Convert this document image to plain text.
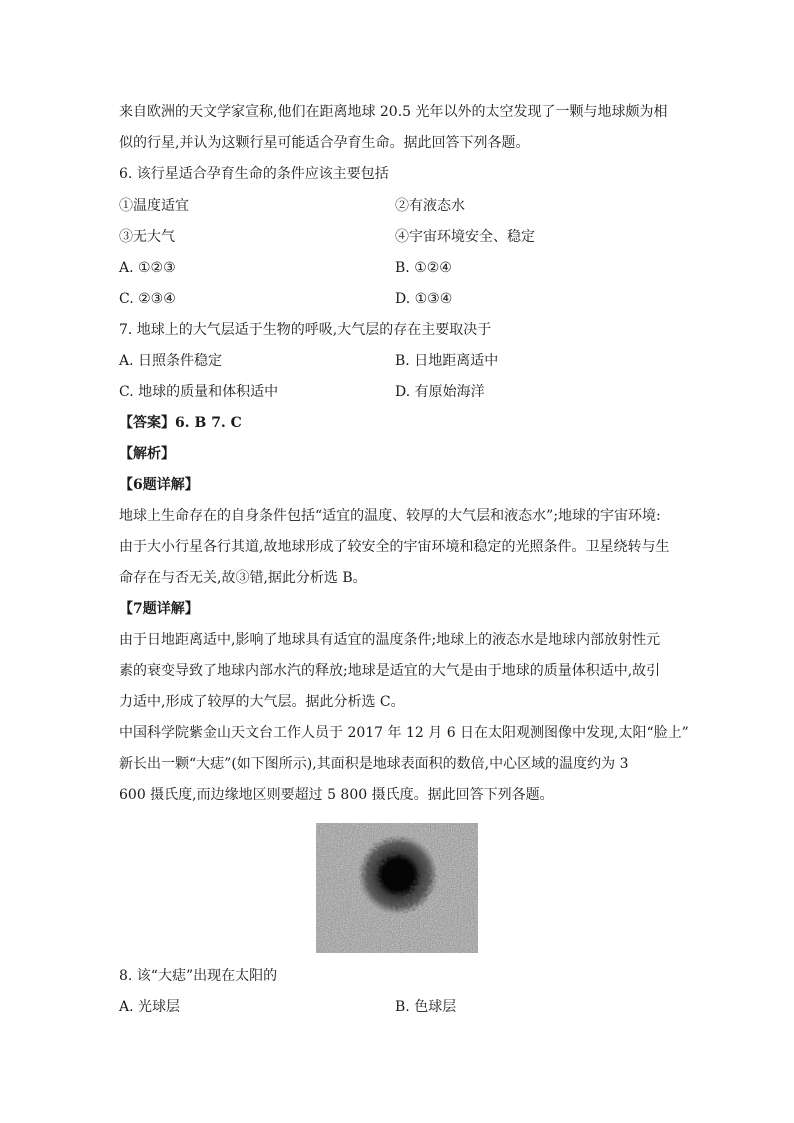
来自欧洲的天文学家宣称,他们在距离地球 20.5 光年以外的太空发现了一颗与地球颇为相
似的行星,并认为这颗行星可能适合孕育生命。据此回答下列各题。
6. 该行星适合孕育生命的条件应该主要包括
①温度适宜	②有液态水
③无大气	④宇宙环境安全、稳定
A. ①②③	B. ①②④
C. ②③④	D. ①③④
7. 地球上的大气层适于生物的呼吸,大气层的存在主要取决于
A. 日照条件稳定	B. 日地距离适中
C. 地球的质量和体积适中	D. 有原始海洋
【答案】6. B 7. C
【解析】
【6题详解】
地球上生命存在的自身条件包括“适宜的温度、较厚的大气层和液态水”;地球的宇宙环境:
由于大小行星各行其道,故地球形成了较安全的宇宙环境和稳定的光照条件。卫星绕转与生
命存在与否无关,故③错,据此分析选 B。
【7题详解】
由于日地距离适中,影响了地球具有适宜的温度条件;地球上的液态水是地球内部放射性元
素的衰变导致了地球内部水汽的释放;地球是适宜的大气是由于地球的质量体积适中,故引
力适中,形成了较厚的大气层。据此分析选 C。
中国科学院紫金山天文台工作人员于 2017 年 12 月 6 日在太阳观测图像中发现,太阳“脸上”
新长出一颗“大痣”(如下图所示),其面积是地球表面积的数倍,中心区域的温度约为 3
600 摄氏度,而边缘地区则要超过 5 800 摄氏度。据此回答下列各题。
8. 该“大痣”出现在太阳的
A. 光球层	B. 色球层
